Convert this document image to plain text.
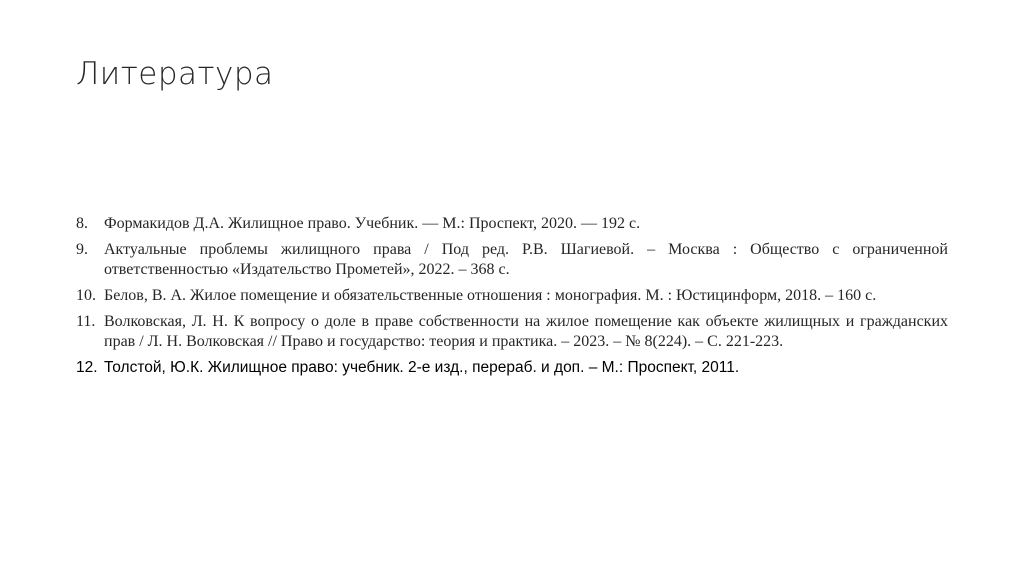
Литература
8.	Формакидов Д.А. Жилищное право. Учебник. — М.: Проспект, 2020. — 192 с.
9.	Актуальные проблемы жилищного права / Под ред. Р.В. Шагиевой. – Москва : Общество с ограниченной ответственностью «Издательство Прометей», 2022. – 368 с.
10. Белов, В. А. Жилое помещение и обязательственные отношения : монография. М. : Юстицинформ, 2018. – 160 с.
11. Волковская, Л. Н. К вопросу о доле в праве собственности на жилое помещение как объекте жилищных и гражданских прав / Л. Н. Волковская // Право и государство: теория и практика. – 2023. – № 8(224). – С. 221-223.
12. Толстой, Ю.К. Жилищное право: учебник. 2-е изд., перераб. и доп. – М.: Проспект, 2011.
